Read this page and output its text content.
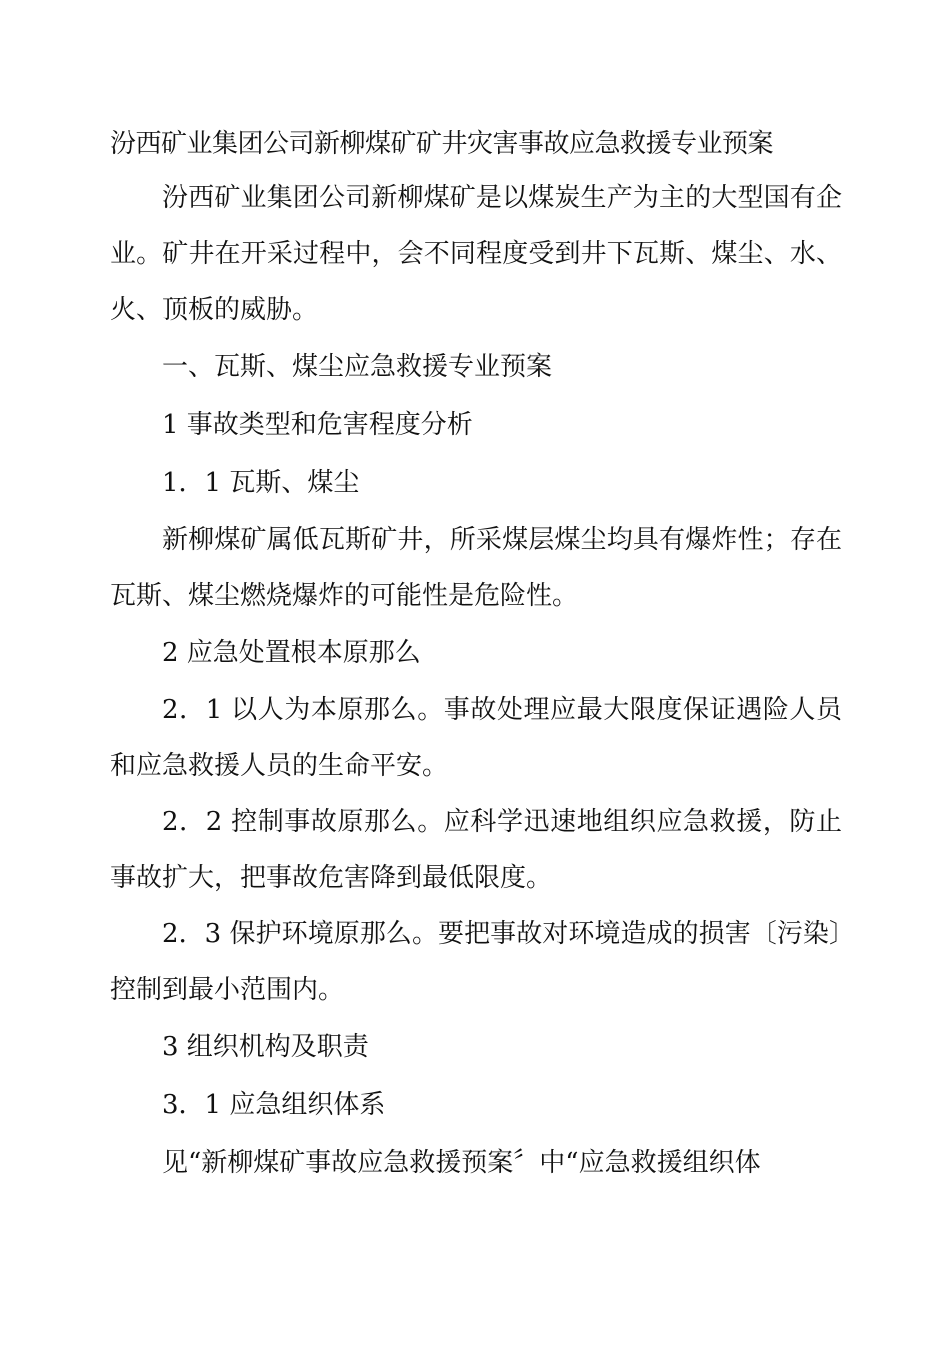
汾西矿业集团公司新柳煤矿矿井灾害事故应急救援专业预案

汾西矿业集团公司新柳煤矿是以煤炭生产为主的大型国有企业。矿井在开采过程中，会不同程度受到井下瓦斯、煤尘、水、火、顶板的威胁。

一、瓦斯、煤尘应急救援专业预案

1 事故类型和危害程度分析

1．1 瓦斯、煤尘

新柳煤矿属低瓦斯矿井，所采煤层煤尘均具有爆炸性；存在瓦斯、煤尘燃烧爆炸的可能性是危险性。

2 应急处置根本原那么

2．1 以人为本原那么。事故处理应最大限度保证遇险人员和应急救援人员的生命平安。

2．2 控制事故原那么。应科学迅速地组织应急救援，防止事故扩大，把事故危害降到最低限度。

2．3 保护环境原那么。要把事故对环境造成的损害〔污染〕控制到最小范围内。

3 组织机构及职责

3．1 应急组织体系

见“新柳煤矿事故应急救援预案〞中“应急救援组织体
